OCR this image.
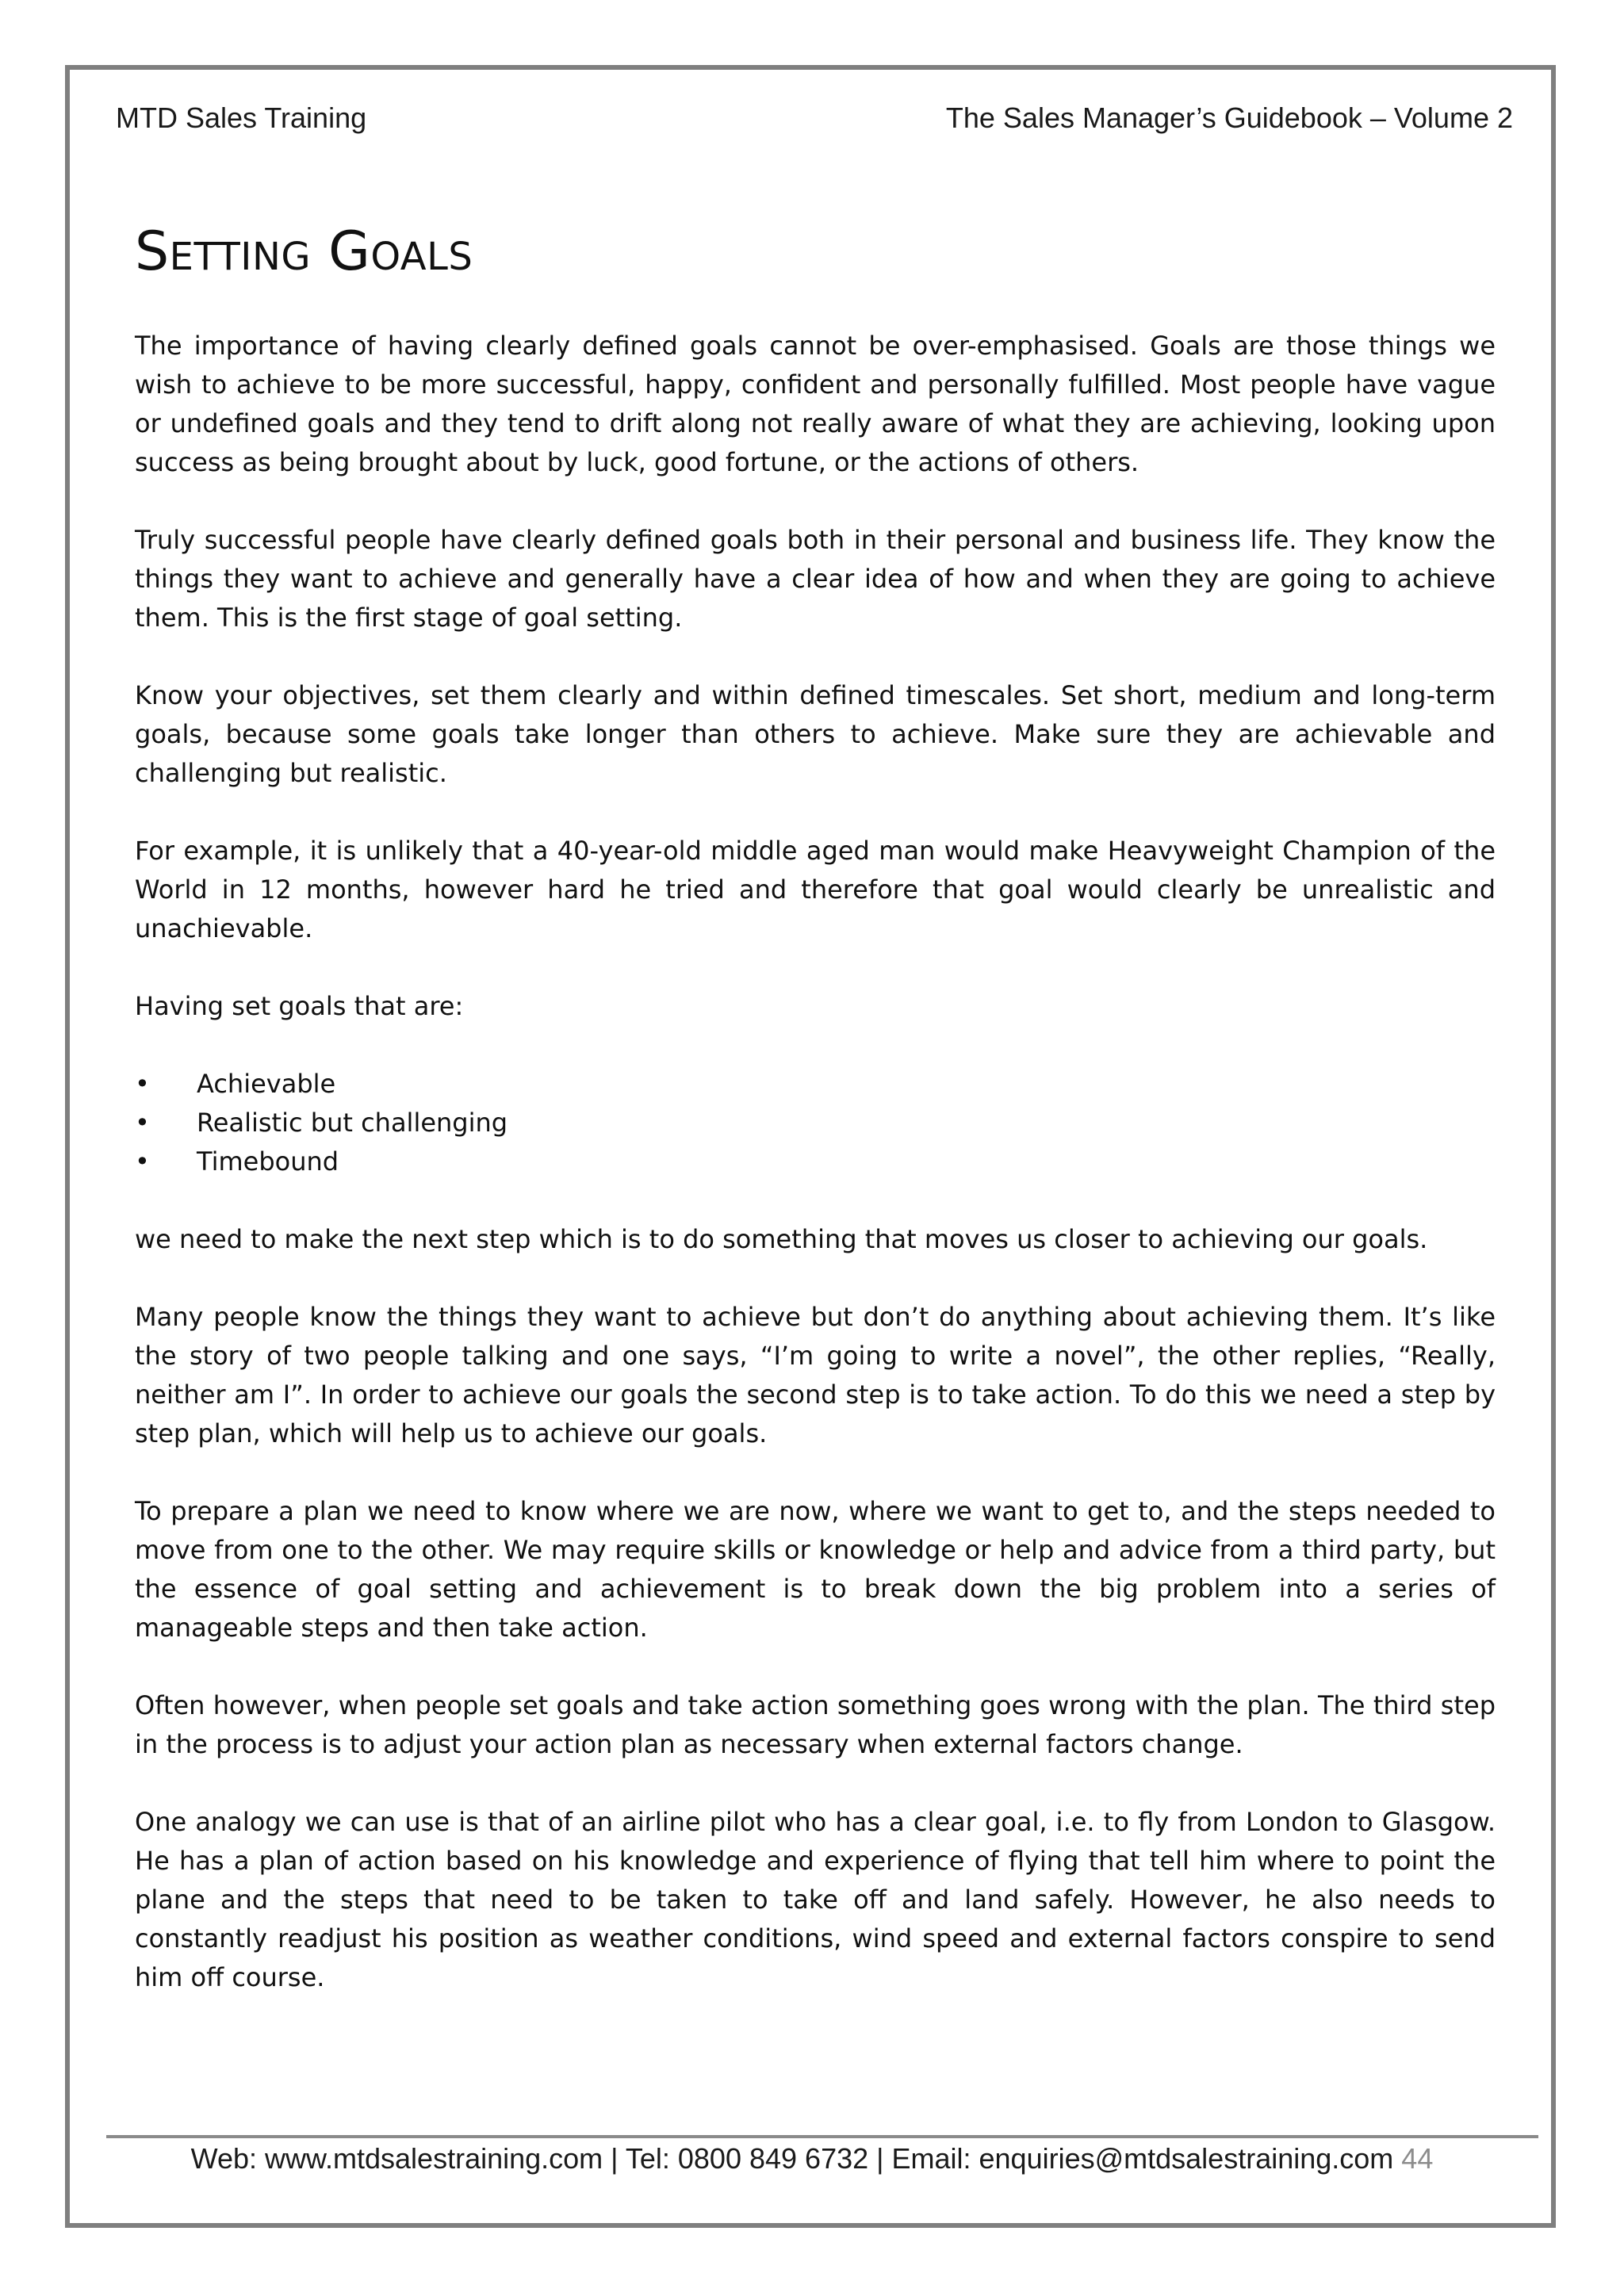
MTD Sales Training	The Sales Manager’s Guidebook – Volume 2
Setting Goals

The importance of having clearly defined goals cannot be over-emphasised. Goals are those things we wish to achieve to be more successful, happy, confident and personally fulfilled. Most people have vague or undefined goals and they tend to drift along not really aware of what they are achieving, looking upon success as being brought about by luck, good fortune, or the actions of others.

Truly successful people have clearly defined goals both in their personal and business life. They know the things they want to achieve and generally have a clear idea of how and when they are going to achieve them. This is the first stage of goal setting.

Know your objectives, set them clearly and within defined timescales. Set short, medium and long-term goals, because some goals take longer than others to achieve. Make sure they are achievable and challenging but realistic.

For example, it is unlikely that a 40-year-old middle aged man would make Heavyweight Champion of the World in 12 months, however hard he tried and therefore that goal would clearly be unrealistic and unachievable.

Having set goals that are:

•	Achievable
•	Realistic but challenging
•	Timebound

we need to make the next step which is to do something that moves us closer to achieving our goals.

Many people know the things they want to achieve but don’t do anything about achieving them. It’s like the story of two people talking and one says, “I’m going to write a novel”, the other replies, “Really, neither am I”. In order to achieve our goals the second step is to take action. To do this we need a step by step plan, which will help us to achieve our goals.

To prepare a plan we need to know where we are now, where we want to get to, and the steps needed to move from one to the other. We may require skills or knowledge or help and advice from a third party, but the essence of goal setting and achievement is to break down the big problem into a series of manageable steps and then take action.

Often however, when people set goals and take action something goes wrong with the plan. The third step in the process is to adjust your action plan as necessary when external factors change.

One analogy we can use is that of an airline pilot who has a clear goal, i.e. to fly from London to Glasgow. He has a plan of action based on his knowledge and experience of flying that tell him where to point the plane and the steps that need to be taken to take off and land safely. However, he also needs to constantly readjust his position as weather conditions, wind speed and external factors conspire to send him off course.

Web: www.mtdsalestraining.com | Tel: 0800 849 6732 | Email: enquiries@mtdsalestraining.com 44
